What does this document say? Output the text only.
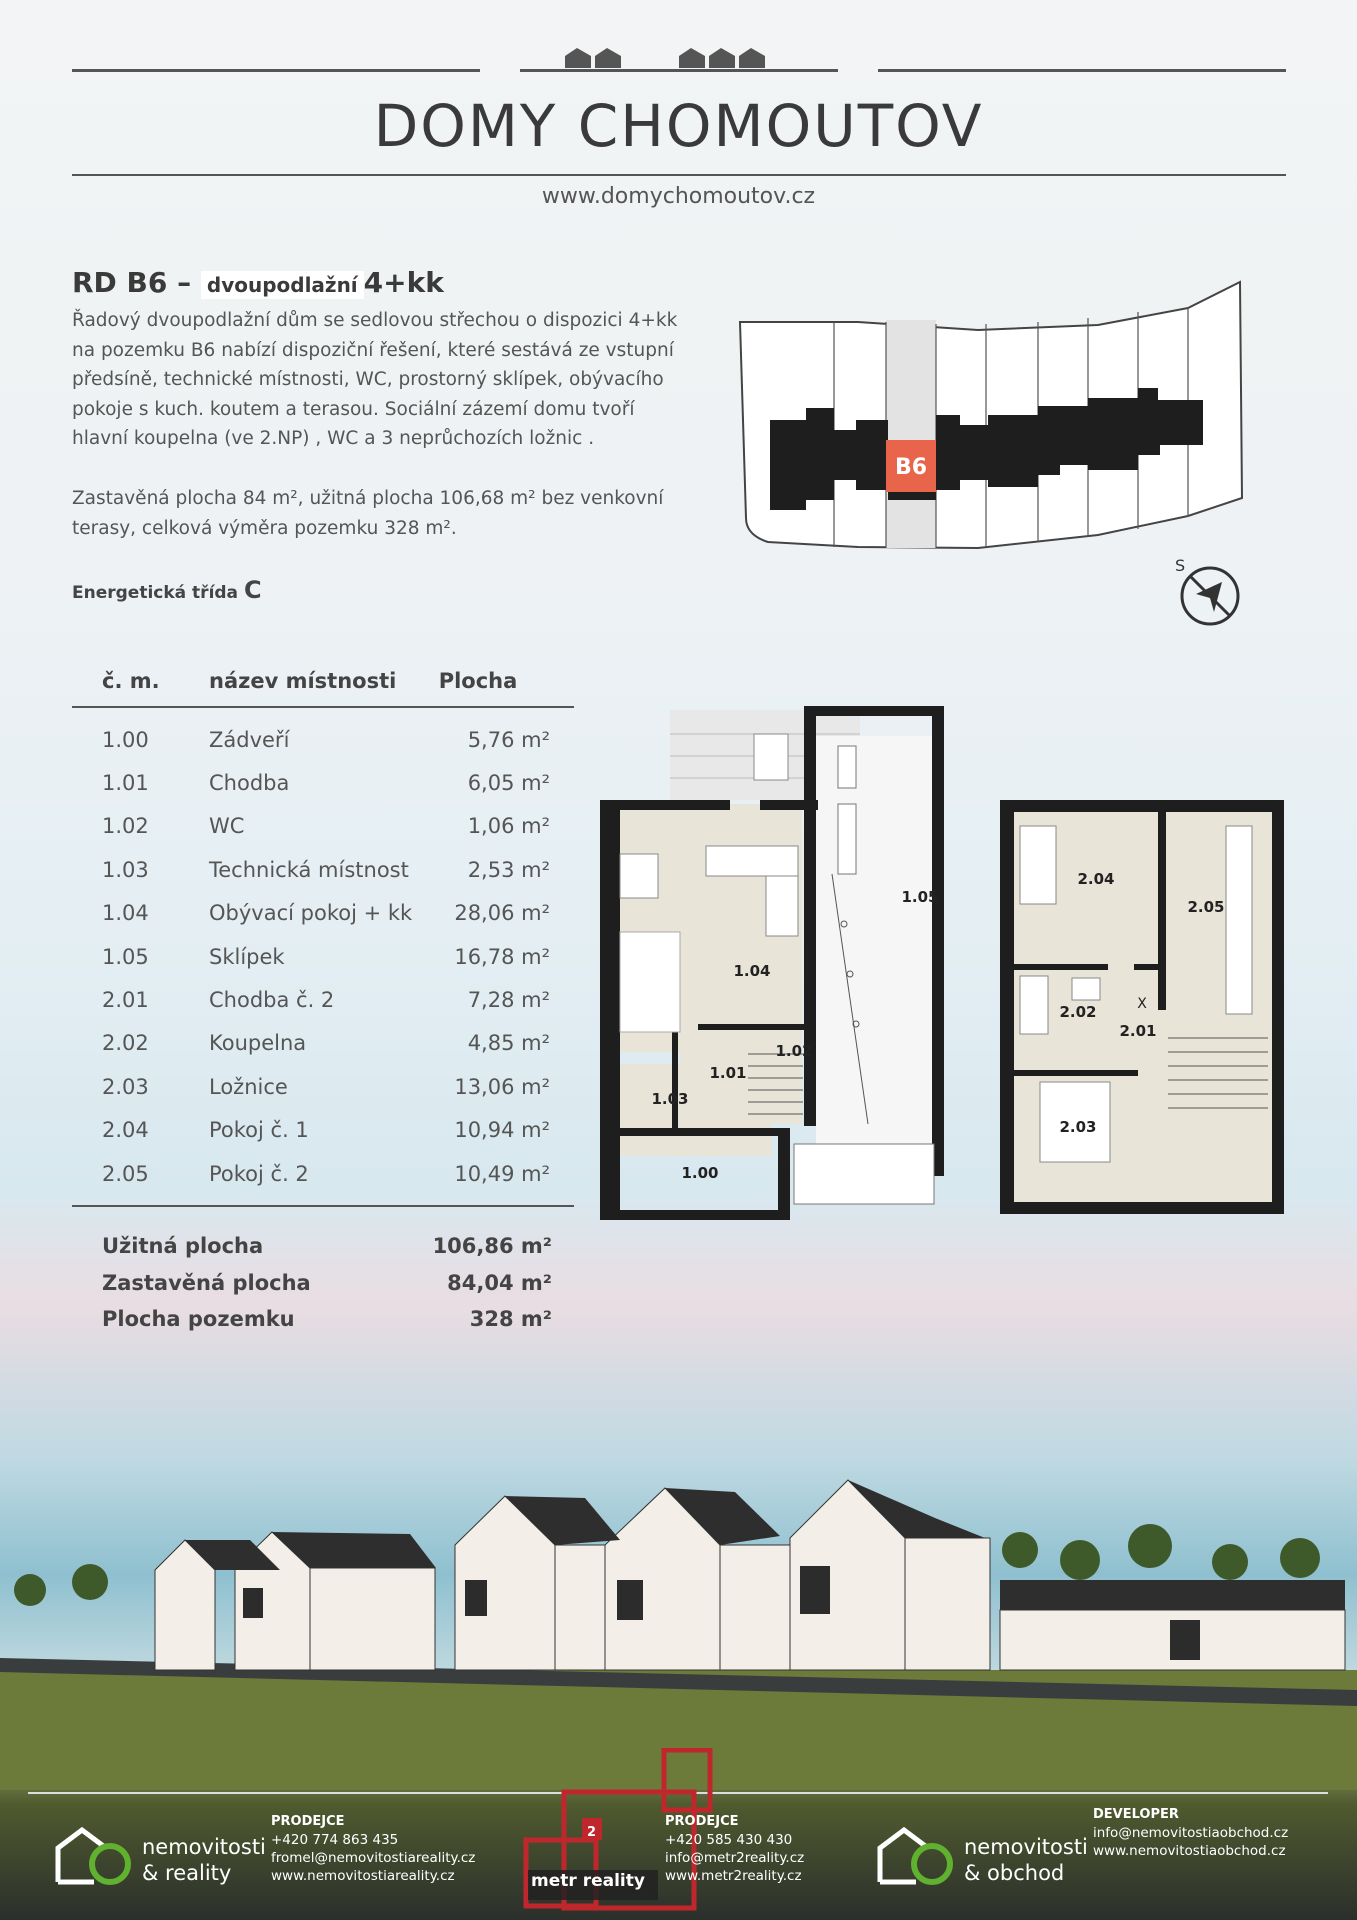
DOMY CHOMOUTOV
www.domychomoutov.cz
RD B6 – dvoupodlažní 4+kk
Řadový dvoupodlažní dům se sedlovou střechou o dispozici 4+kk na pozemku B6 nabízí dispoziční řešení, které sestává ze vstupní předsíně, technické místnosti, WC, prostorný sklípek, obývacího pokoje s kuch. koutem a terasou. Sociální zázemí domu tvoří hlavní koupelna (ve 2.NP) , WC a 3 neprůchozích ložnic .
Zastavěná plocha 84 m², užitná plocha 106,68 m² bez venkovní terasy, celková výměra pozemku 328 m².
Energetická třída C
B6
S
č. m.	název místnosti	Plocha
1.00	Zádveří	5,76 m²
1.01	Chodba	6,05 m²
1.02	WC	1,06 m²
1.03	Technická místnost	2,53 m²
1.04	Obývací pokoj + kk	28,06 m²
1.05	Sklípek	16,78 m²
2.01	Chodba č. 2	7,28 m²
2.02	Koupelna	4,85 m²
2.03	Ložnice	13,06 m²
2.04	Pokoj č. 1	10,94 m²
2.05	Pokoj č. 2	10,49 m²
Užitná plocha	106,86 m²
Zastavěná plocha	84,04 m²
Plocha pozemku	328 m²
1.05
1.04
1.02
1.01
1.03
1.00
2.04
2.05
2.02	X
2.01
2.03
nemovitosti
& reality
PRODEJCE
+420 774 863 435
fromel@nemovitostiareality.cz
www.nemovitostiareality.cz	metr reality
2
PRODEJCE
+420 585 430 430
info@metr2reality.cz
www.metr2reality.cz
nemovitosti
& obchod
DEVELOPER
info@nemovitostiaobchod.cz
www.nemovitostiaobchod.cz
